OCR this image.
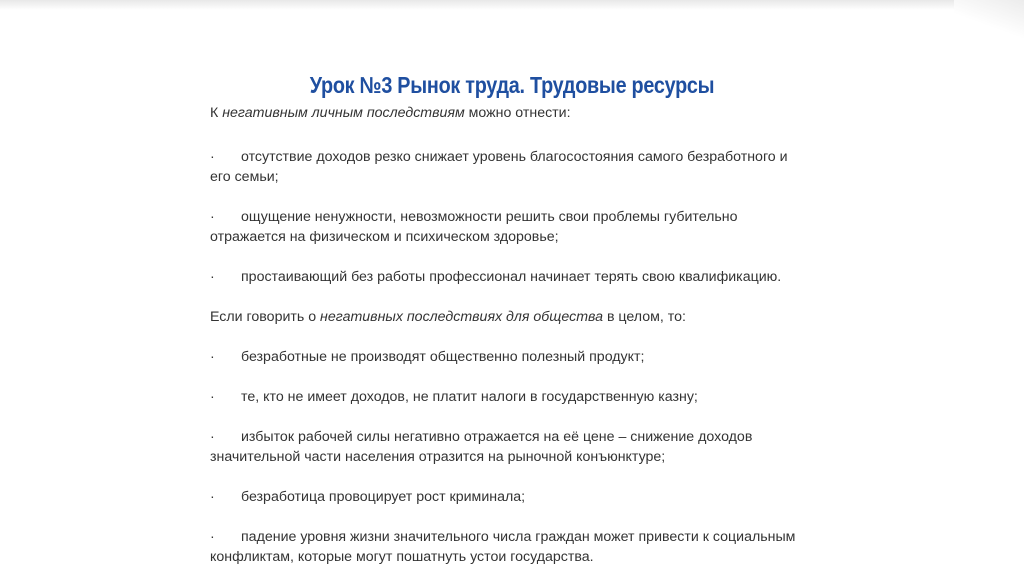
Урок №3 Рынок труда. Трудовые ресурсы

К негативным личным последствиям можно отнести:

· отсутствие доходов резко снижает уровень благосостояния самого безработного и его семьи;

· ощущение ненужности, невозможности решить свои проблемы губительно отражается на физическом и психическом здоровье;

· простаивающий без работы профессионал начинает терять свою квалификацию.

Если говорить о негативных последствиях для общества в целом, то:

· безработные не производят общественно полезный продукт;

· те, кто не имеет доходов, не платит налоги в государственную казну;

· избыток рабочей силы негативно отражается на её цене – снижение доходов значительной части населения отразится на рыночной конъюнктуре;

· безработица провоцирует рост криминала;

· падение уровня жизни значительного числа граждан может привести к социальным конфликтам, которые могут пошатнуть устои государства.
